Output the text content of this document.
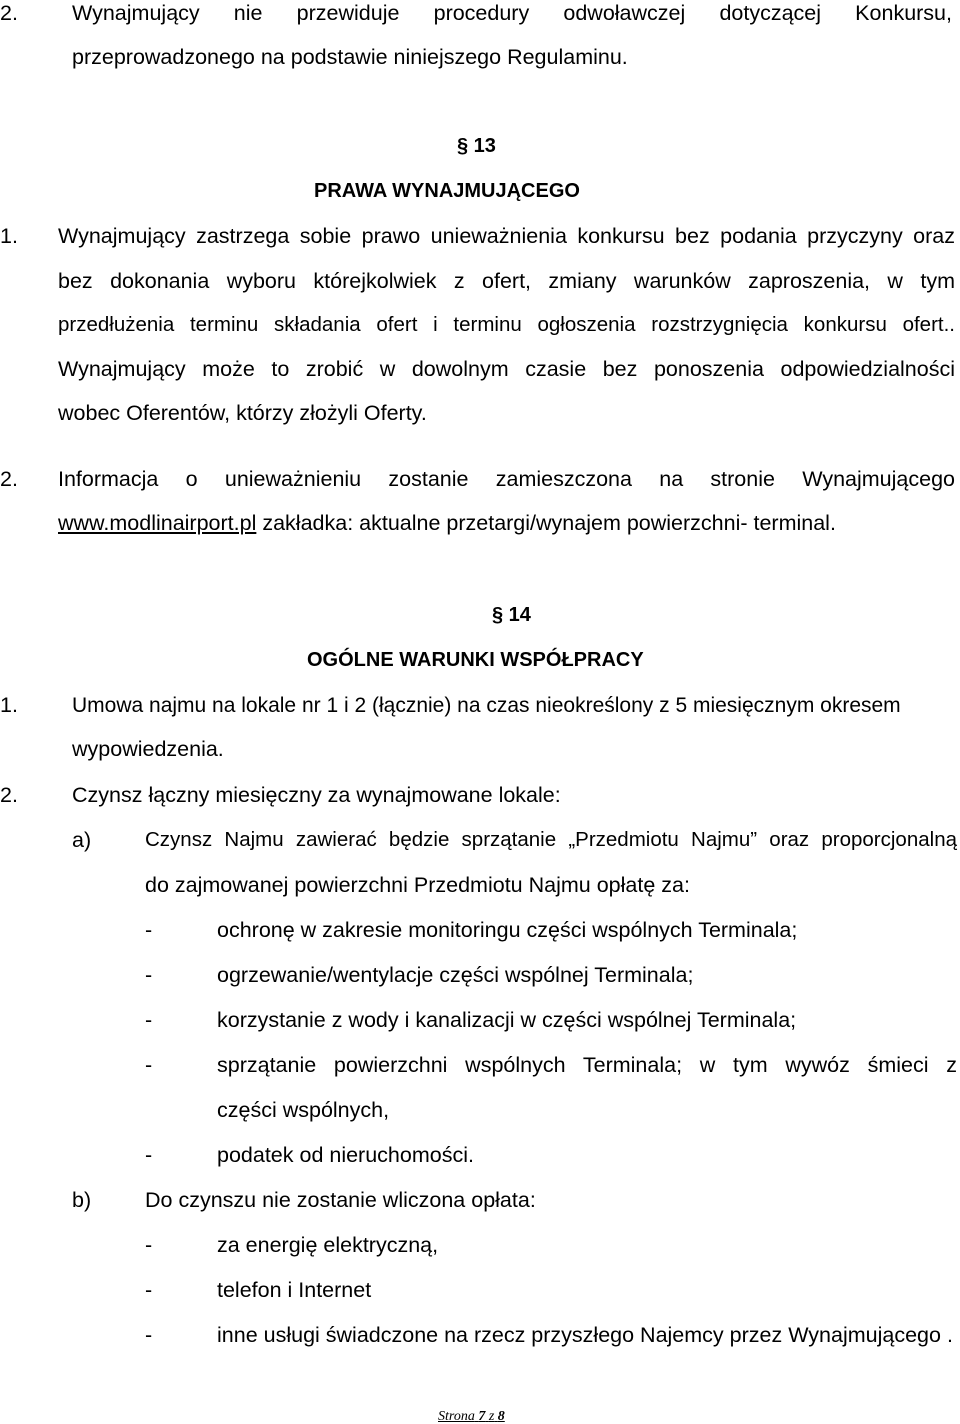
2.	Wynajmujący nie przewiduje procedury odwoławczej dotyczącej Konkursu,
przeprowadzonego na podstawie niniejszego Regulaminu.
§ 13
PRAWA WYNAJMUJĄCEGO
1. Wynajmujący zastrzega sobie prawo unieważnienia konkursu bez podania przyczyny oraz
bez dokonania wyboru którejkolwiek z ofert, zmiany warunków zaproszenia, w tym
przedłużenia terminu składania ofert i terminu ogłoszenia rozstrzygnięcia konkursu ofert..
Wynajmujący może to zrobić w dowolnym czasie bez ponoszenia odpowiedzialności
wobec Oferentów, którzy złożyli Oferty.
2. Informacja o unieważnieniu zostanie zamieszczona na stronie Wynajmującego
www.modlinairport.pl zakładka: aktualne przetargi/wynajem powierzchni- terminal.
§ 14
OGÓLNE WARUNKI WSPÓŁPRACY
1.	Umowa najmu na lokale nr 1 i 2 (łącznie) na czas nieokreślony z 5 miesięcznym okresem
wypowiedzenia.
2.	Czynsz łączny miesięczny za wynajmowane lokale:
a)	Czynsz Najmu zawierać będzie sprzątanie „Przedmiotu Najmu” oraz proporcjonalną
do zajmowanej powierzchni Przedmiotu Najmu opłatę za:
-	ochronę w zakresie monitoringu części wspólnych Terminala;
-	ogrzewanie/wentylacje części wspólnej Terminala;
-	korzystanie z wody i kanalizacji w części wspólnej Terminala;
-	sprzątanie powierzchni wspólnych Terminala; w tym wywóz śmieci z
części wspólnych,
-	podatek od nieruchomości.
b)	Do czynszu nie zostanie wliczona opłata:
-	za energię elektryczną,
-	telefon i Internet
-	inne usługi świadczone na rzecz przyszłego Najemcy przez Wynajmującego .
Strona 7 z 8
